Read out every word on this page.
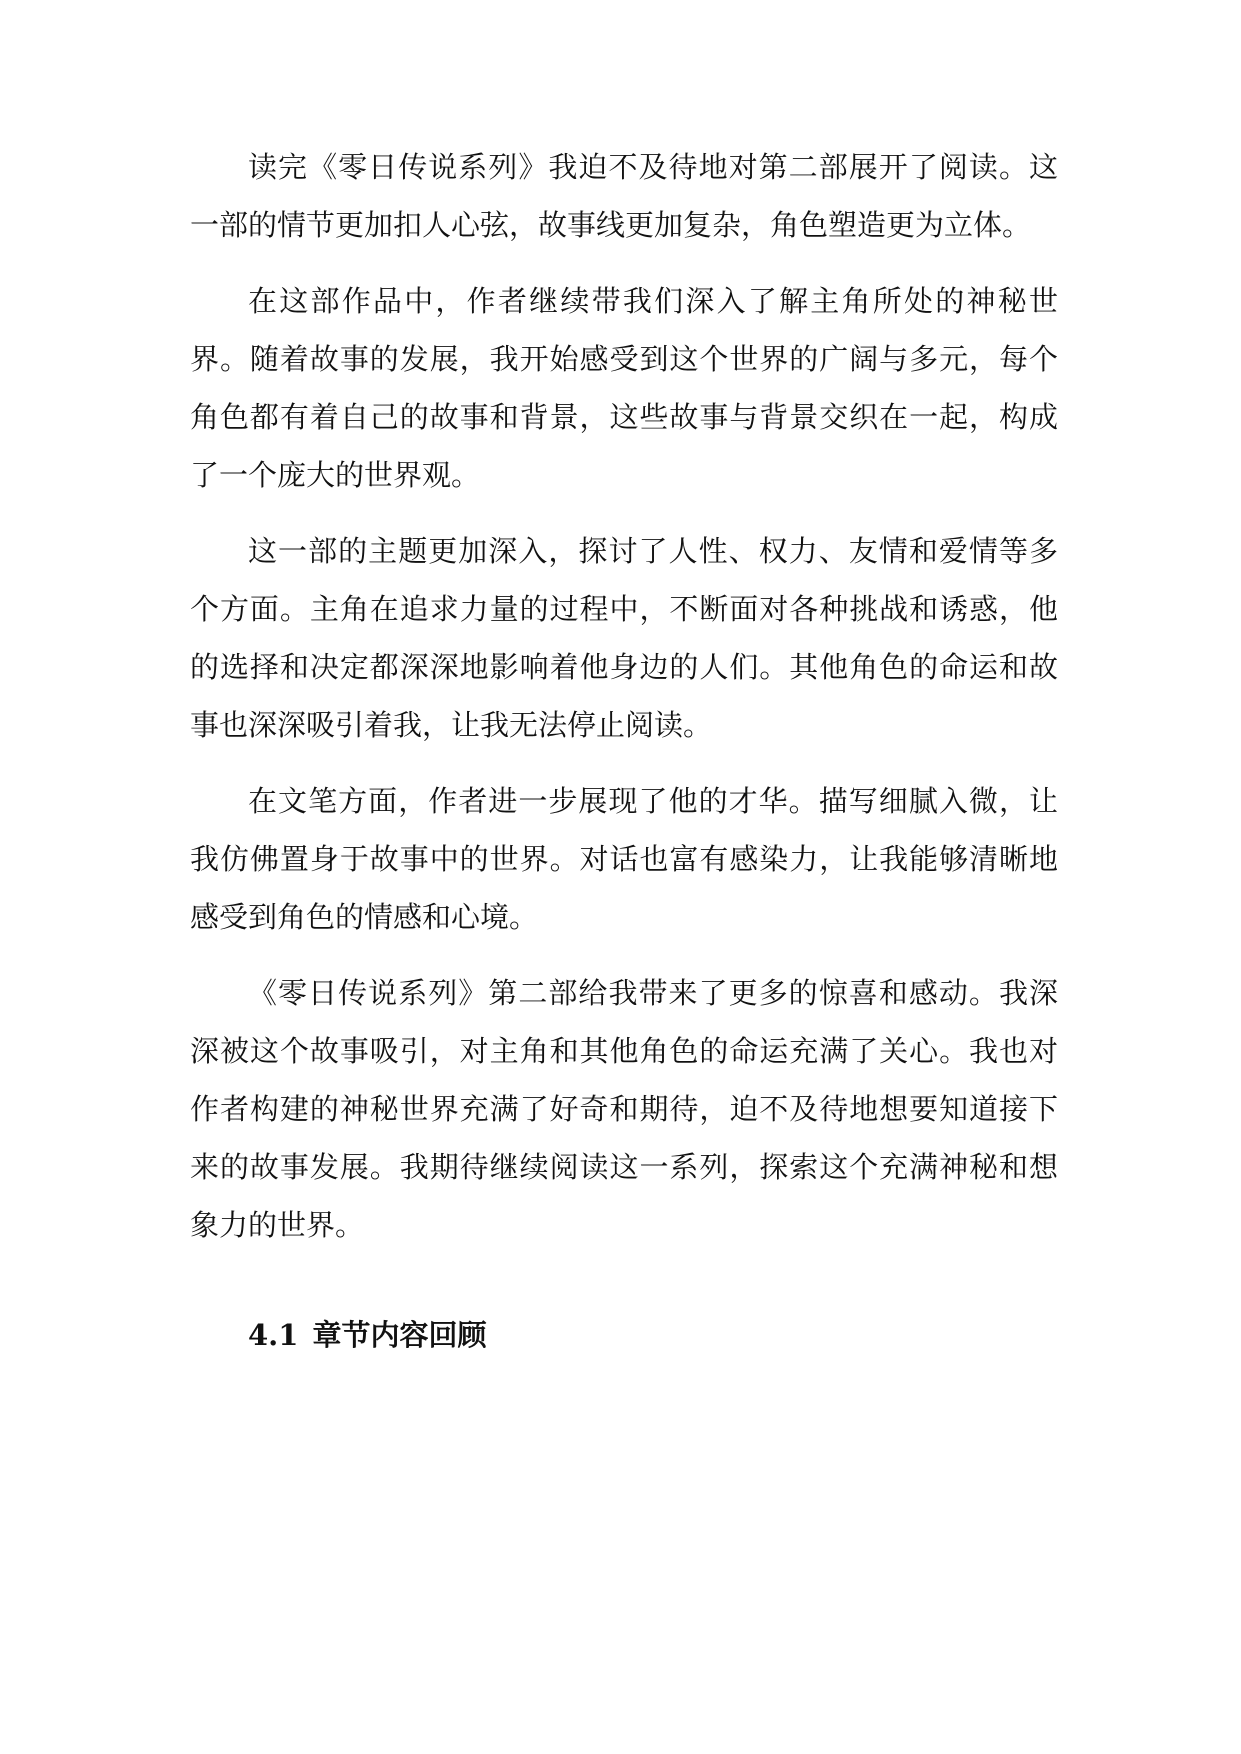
读完《零日传说系列》我迫不及待地对第二部展开了阅读。这一部的情节更加扣人心弦，故事线更加复杂，角色塑造更为立体。

在这部作品中，作者继续带我们深入了解主角所处的神秘世界。随着故事的发展，我开始感受到这个世界的广阔与多元，每个角色都有着自己的故事和背景，这些故事与背景交织在一起，构成了一个庞大的世界观。

这一部的主题更加深入，探讨了人性、权力、友情和爱情等多个方面。主角在追求力量的过程中，不断面对各种挑战和诱惑，他的选择和决定都深深地影响着他身边的人们。其他角色的命运和故事也深深吸引着我，让我无法停止阅读。

在文笔方面，作者进一步展现了他的才华。描写细腻入微，让我仿佛置身于故事中的世界。对话也富有感染力，让我能够清晰地感受到角色的情感和心境。

《零日传说系列》第二部给我带来了更多的惊喜和感动。我深深被这个故事吸引，对主角和其他角色的命运充满了关心。我也对作者构建的神秘世界充满了好奇和期待，迫不及待地想要知道接下来的故事发展。我期待继续阅读这一系列，探索这个充满神秘和想象力的世界。

4.1 章节内容回顾
